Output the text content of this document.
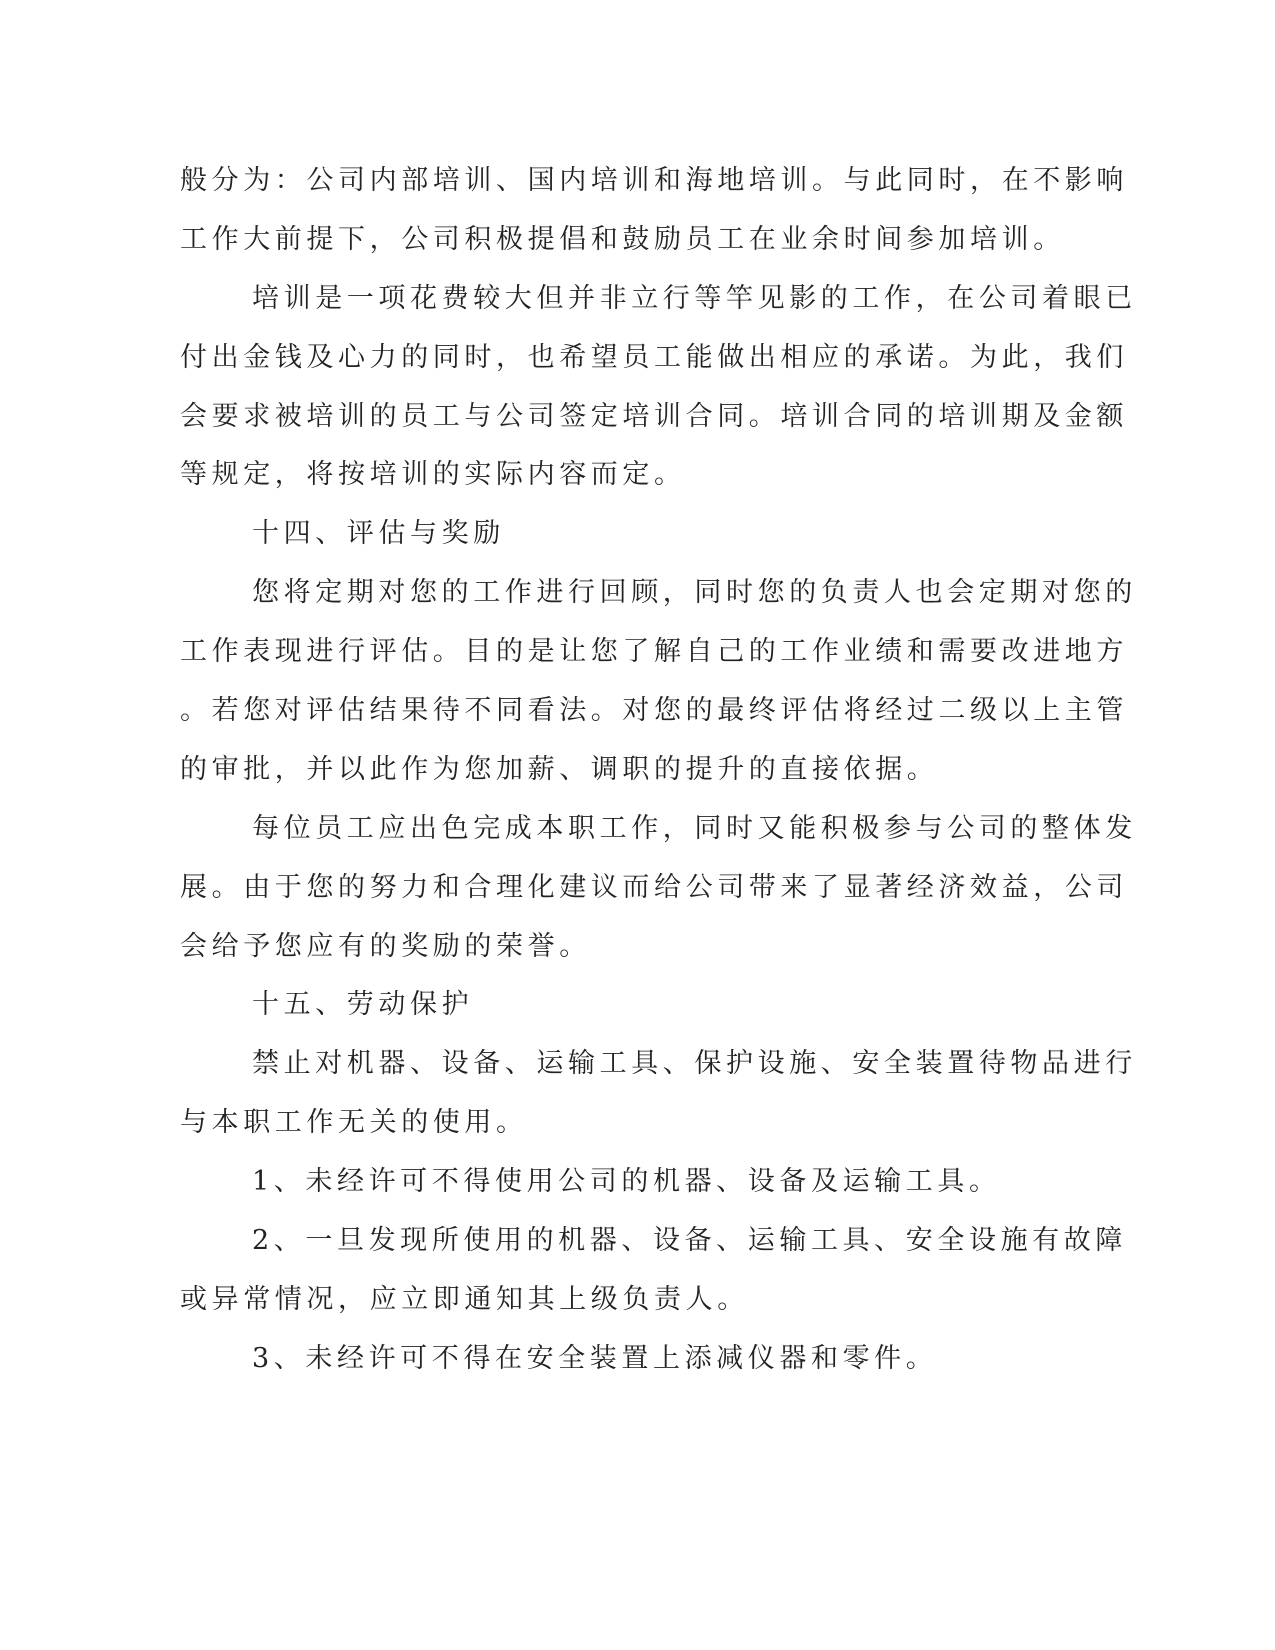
般分为：公司内部培训、国内培训和海地培训。与此同时，在不影响
工作大前提下，公司积极提倡和鼓励员工在业余时间参加培训。
培训是一项花费较大但并非立行等竿见影的工作，在公司着眼已
付出金钱及心力的同时，也希望员工能做出相应的承诺。为此，我们
会要求被培训的员工与公司签定培训合同。培训合同的培训期及金额
等规定，将按培训的实际内容而定。
十四、评估与奖励
您将定期对您的工作进行回顾，同时您的负责人也会定期对您的
工作表现进行评估。目的是让您了解自己的工作业绩和需要改进地方
。若您对评估结果待不同看法。对您的最终评估将经过二级以上主管
的审批，并以此作为您加薪、调职的提升的直接依据。
每位员工应出色完成本职工作，同时又能积极参与公司的整体发
展。由于您的努力和合理化建议而给公司带来了显著经济效益，公司
会给予您应有的奖励的荣誉。
十五、劳动保护
禁止对机器、设备、运输工具、保护设施、安全装置待物品进行
与本职工作无关的使用。
1、未经许可不得使用公司的机器、设备及运输工具。
2、一旦发现所使用的机器、设备、运输工具、安全设施有故障
或异常情况，应立即通知其上级负责人。
3、未经许可不得在安全装置上添减仪器和零件。
